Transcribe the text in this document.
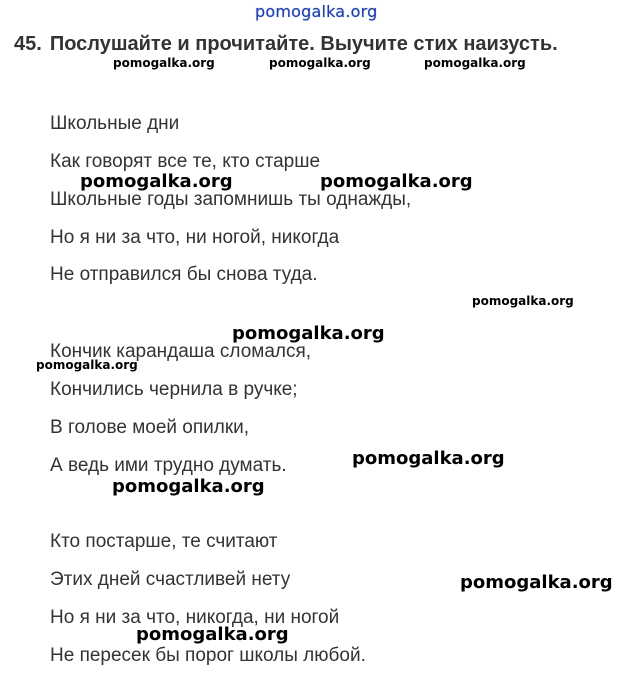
pomogalka.org
45. Послушайте и прочитайте. Выучите стих наизусть.
pomogalka.org	pomogalka.org	pomogalka.org
Школьные дни
Как говорят все те, кто старше
Школьные годы запомнишь ты однажды,
Но я ни за что, ни ногой, никогда
Не отправился бы снова туда.
Кончик карандаша сломался,
Кончились чернила в ручке;
В голове моей опилки,
А ведь ими трудно думать.
Кто постарше, те считают
Этих дней счастливей нету
Но я ни за что, никогда, ни ногой
Не пересек бы порог школы любой.
pomogalka.org	pomogalka.org
pomogalka.org
pomogalka.org
pomogalka.org
pomogalka.org
pomogalka.org
pomogalka.org
pomogalka.org
